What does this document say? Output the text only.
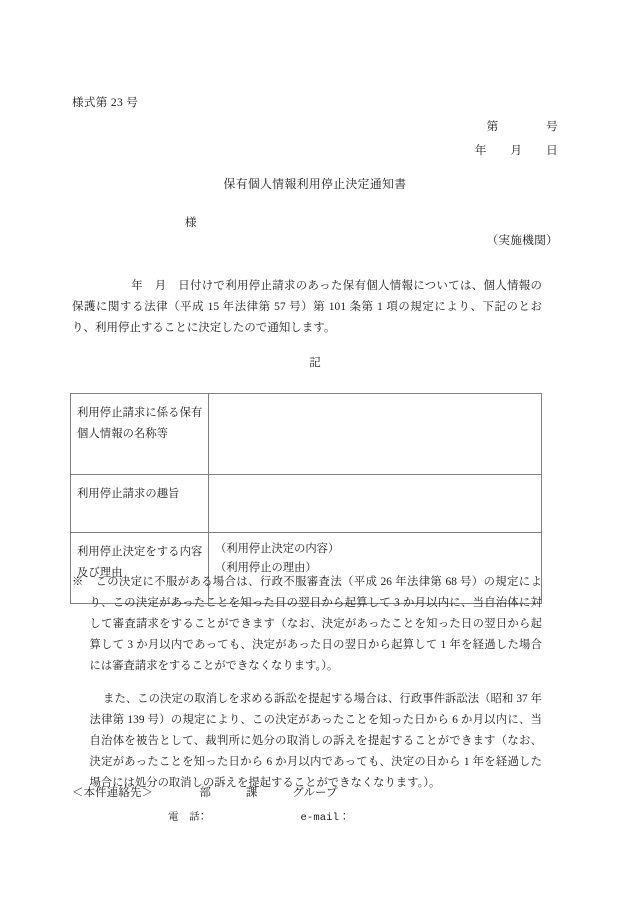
様式第 23 号
第　　　　号
年　　月　　日
保有個人情報利用停止決定通知書
様
（実施機関）
年　月　日付けで利用停止請求のあった保有個人情報については、個人情報の保護に関する法律（平成 15 年法律第 57 号）第 101 条第 1 項の規定により、下記のとおり、利用停止することに決定したので通知します。
記
利用停止請求に係る保有個人情報の名称等	
利用停止請求の趣旨	
利用停止決定をする内容及び理由	（利用停止決定の内容）
（利用停止の理由）

※　 この決定に不服がある場合は、行政不服審査法（平成 26 年法律第 68 号）の規定により、この決定があったことを知った日の翌日から起算して 3 か月以内に、当自治体に対して審査請求をすることができます（なお、決定があったことを知った日の翌日から起算して 3 か月以内であっても、決定があった日の翌日から起算して 1 年を経過した場合には審査請求をすることができなくなります。）。

また、この決定の取消しを求める訴訟を提起する場合は、行政事件訴訟法（昭和 37 年法律第 139 号）の規定により、この決定があったことを知った日から 6 か月以内に、当自治体を被告として、裁判所に処分の取消しの訴えを提起することができます（なお、決定があったことを知った日から 6 か月以内であっても、決定の日から 1 年を経過した場合には処分の取消しの訴えを提起することができなくなります。）。

＜本件連絡先＞　　　　部　　　課　　　グループ
電　話：　　　　　　　　　e-mail：
